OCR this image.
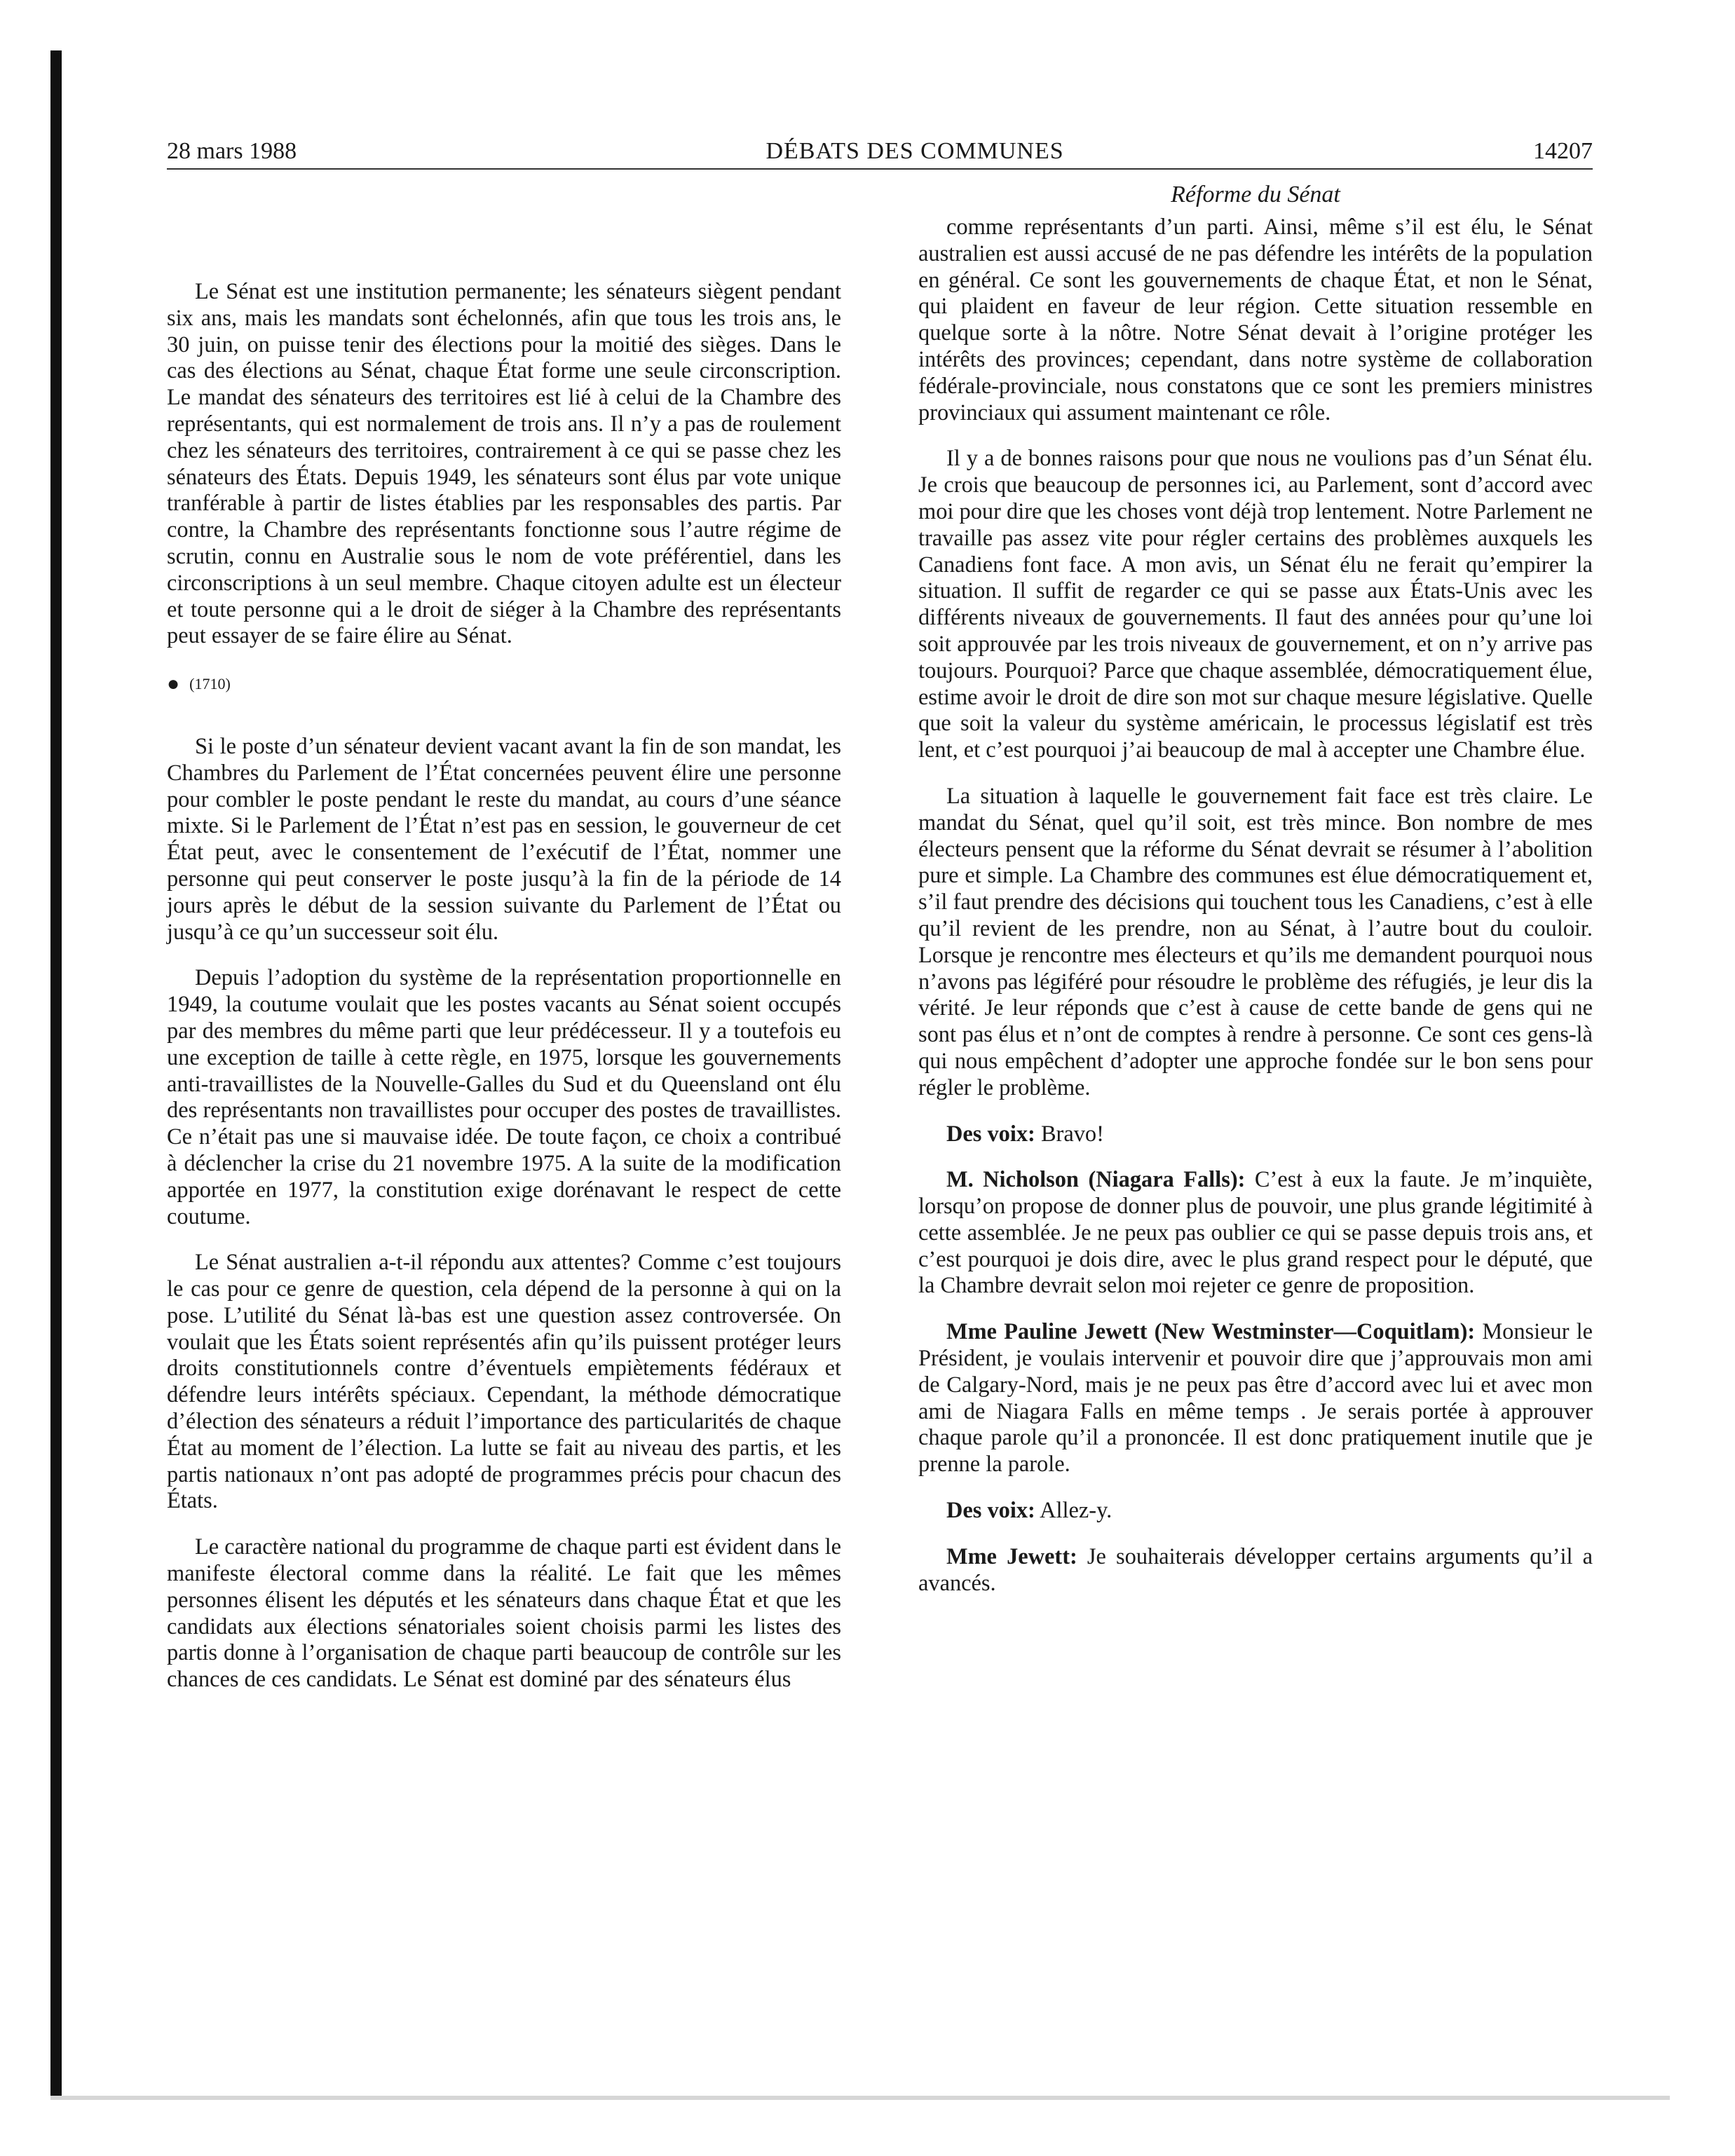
28 mars 1988	DÉBATS DES COMMUNES	14207

Le Sénat est une institution permanente; les sénateurs siègent pendant six ans, mais les mandats sont échelonnés, afin que tous les trois ans, le 30 juin, on puisse tenir des élections pour la moitié des sièges. Dans le cas des élections au Sénat, chaque État forme une seule circonscription. Le mandat des sénateurs des territoires est lié à celui de la Chambre des représentants, qui est normalement de trois ans. Il n’y a pas de roulement chez les sénateurs des territoires, contrairement à ce qui se passe chez les sénateurs des États. Depuis 1949, les sénateurs sont élus par vote unique tranférable à partir de listes établies par les responsables des partis. Par contre, la Chambre des représentants fonctionne sous l’autre régime de scrutin, connu en Australie sous le nom de vote préférentiel, dans les circonscriptions à un seul membre. Chaque citoyen adulte est un électeur et toute personne qui a le droit de siéger à la Chambre des représentants peut essayer de se faire élire au Sénat.

● (1710)

Si le poste d’un sénateur devient vacant avant la fin de son mandat, les Chambres du Parlement de l’État concernées peuvent élire une personne pour combler le poste pendant le reste du mandat, au cours d’une séance mixte. Si le Parlement de l’État n’est pas en session, le gouverneur de cet État peut, avec le consentement de l’exécutif de l’État, nommer une personne qui peut conserver le poste jusqu’à la fin de la période de 14 jours après le début de la session suivante du Parlement de l’État ou jusqu’à ce qu’un successeur soit élu.

Depuis l’adoption du système de la représentation proportionnelle en 1949, la coutume voulait que les postes vacants au Sénat soient occupés par des membres du même parti que leur prédécesseur. Il y a toutefois eu une exception de taille à cette règle, en 1975, lorsque les gouvernements anti-travaillistes de la Nouvelle-Galles du Sud et du Queensland ont élu des représentants non travaillistes pour occuper des postes de travaillistes. Ce n’était pas une si mauvaise idée. De toute façon, ce choix a contribué à déclencher la crise du 21 novembre 1975. A la suite de la modification apportée en 1977, la constitution exige dorénavant le respect de cette coutume.

Le Sénat australien a-t-il répondu aux attentes? Comme c’est toujours le cas pour ce genre de question, cela dépend de la personne à qui on la pose. L’utilité du Sénat là-bas est une question assez controversée. On voulait que les États soient représentés afin qu’ils puissent protéger leurs droits constitutionnels contre d’éventuels empiètements fédéraux et défendre leurs intérêts spéciaux. Cependant, la méthode démocratique d’élection des sénateurs a réduit l’importance des particularités de chaque État au moment de l’élection. La lutte se fait au niveau des partis, et les partis nationaux n’ont pas adopté de programmes précis pour chacun des États.

Le caractère national du programme de chaque parti est évident dans le manifeste électoral comme dans la réalité. Le fait que les mêmes personnes élisent les députés et les sénateurs dans chaque État et que les candidats aux élections sénatoriales soient choisis parmi les listes des partis donne à l’organisation de chaque parti beaucoup de contrôle sur les chances de ces candidats. Le Sénat est dominé par des sénateurs élus

Réforme du Sénat

comme représentants d’un parti. Ainsi, même s’il est élu, le Sénat australien est aussi accusé de ne pas défendre les intérêts de la population en général. Ce sont les gouvernements de chaque État, et non le Sénat, qui plaident en faveur de leur région. Cette situation ressemble en quelque sorte à la nôtre. Notre Sénat devait à l’origine protéger les intérêts des provinces; cependant, dans notre système de collaboration fédérale-provinciale, nous constatons que ce sont les premiers ministres provinciaux qui assument maintenant ce rôle.

Il y a de bonnes raisons pour que nous ne voulions pas d’un Sénat élu. Je crois que beaucoup de personnes ici, au Parlement, sont d’accord avec moi pour dire que les choses vont déjà trop lentement. Notre Parlement ne travaille pas assez vite pour régler certains des problèmes auxquels les Canadiens font face. A mon avis, un Sénat élu ne ferait qu’empirer la situation. Il suffit de regarder ce qui se passe aux États-Unis avec les différents niveaux de gouvernements. Il faut des années pour qu’une loi soit approuvée par les trois niveaux de gouvernement, et on n’y arrive pas toujours. Pourquoi? Parce que chaque assemblée, démocratiquement élue, estime avoir le droit de dire son mot sur chaque mesure législative. Quelle que soit la valeur du système américain, le processus législatif est très lent, et c’est pourquoi j’ai beaucoup de mal à accepter une Chambre élue.

La situation à laquelle le gouvernement fait face est très claire. Le mandat du Sénat, quel qu’il soit, est très mince. Bon nombre de mes électeurs pensent que la réforme du Sénat devrait se résumer à l’abolition pure et simple. La Chambre des communes est élue démocratiquement et, s’il faut prendre des décisions qui touchent tous les Canadiens, c’est à elle qu’il revient de les prendre, non au Sénat, à l’autre bout du couloir. Lorsque je rencontre mes électeurs et qu’ils me demandent pourquoi nous n’avons pas légiféré pour résoudre le problème des réfugiés, je leur dis la vérité. Je leur réponds que c’est à cause de cette bande de gens qui ne sont pas élus et n’ont de comptes à rendre à personne. Ce sont ces gens-là qui nous empêchent d’adopter une approche fondée sur le bon sens pour régler le problème.

Des voix: Bravo!

M. Nicholson (Niagara Falls): C’est à eux la faute. Je m’inquiète, lorsqu’on propose de donner plus de pouvoir, une plus grande légitimité à cette assemblée. Je ne peux pas oublier ce qui se passe depuis trois ans, et c’est pourquoi je dois dire, avec le plus grand respect pour le député, que la Chambre devrait selon moi rejeter ce genre de proposition.

Mme Pauline Jewett (New Westminster—Coquitlam): Monsieur le Président, je voulais intervenir et pouvoir dire que j’approuvais mon ami de Calgary-Nord, mais je ne peux pas être d’accord avec lui et avec mon ami de Niagara Falls en même temps . Je serais portée à approuver chaque parole qu’il a prononcée. Il est donc pratiquement inutile que je prenne la parole.

Des voix: Allez-y.

Mme Jewett: Je souhaiterais développer certains arguments qu’il a avancés.
